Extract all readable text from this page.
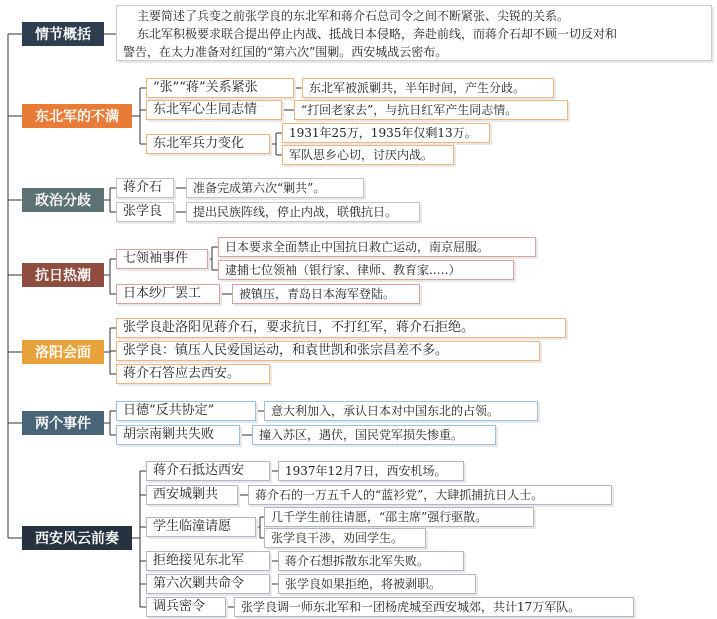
情节概括

主要简述了兵变之前张学良的东北军和蒋介石总司令之间不断紧张、尖锐的关系。

东北军积极要求联合提出停止内战、抵战日本侵略，奔赴前线，而蒋介石却不顾一切反对和

警告，在太力准备对红国的“第六次”围剿。西安城战云密布。

东北军的不满
“张”“蒋”关系紧张	东北军被派剿共，半年时间，产生分歧。
东北军心生同志情	“打回老家去”，与抗日红军产生同志情。
东北军兵力变化
1931年25万，1935年仅剩13万。
军队思乡心切，讨厌内战。
政治分歧
蒋介石	准备完成第六次“剿共”。
张学良	提出民族阵线，停止内战，联俄抗日。
抗日热潮
七领袖事件
日本要求全面禁止中国抗日救亡运动，南京屈服。
逮捕七位领袖（银行家、律师、教育家..…）
日本纱厂罢工	被镇压，青岛日本海军登陆。
洛阳会面
张学良赴洛阳见蒋介石，要求抗日，不打红军，蒋介石拒绝。
张学良：镇压人民爱国运动，和袁世凯和张宗昌差不多。
蒋介石答应去西安。
两个事件
日德“反共协定”	意大利加入，承认日本对中国东北的占领。
胡宗南剿共失败	撞入苏区，遇伏，国民党军损失惨重。
西安风云前奏
蒋介石抵达西安	1937年12月7日，西安机场。
西安城剿共	蒋介石的一万五千人的“蓝衫党”，大肆抓捕抗日人士。
学生临潼请愿
几千学生前往请愿，“邵主席”强行驱散。
张学良干涉，劝回学生。
拒绝接见东北军	蒋介石想拆散东北军失败。
第六次剿共命令	张学良如果拒绝，将被剥职。
调兵密令	张学良调一师东北军和一团杨虎城至西安城郊，共计17万军队。
